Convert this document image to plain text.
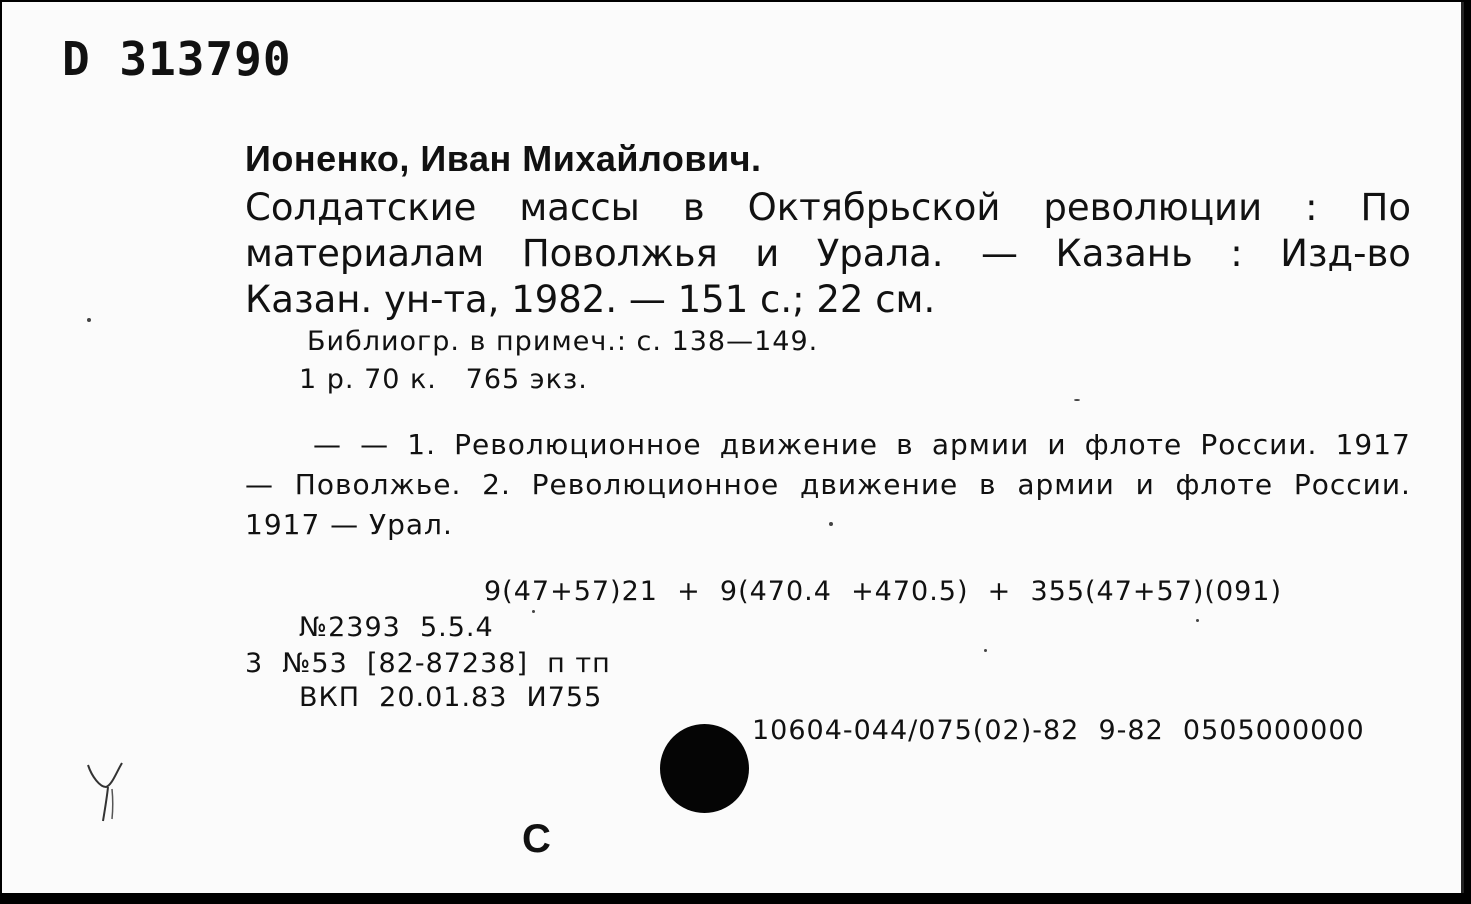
D 313790
Ионенко, Иван Михайлович.
Солдатские массы в Октябрьской революции : По
материалам Поволжья и Урала. — Казань : Изд-во
Казан. ун-та, 1982. — 151 с.; 22 см.
Библиогр. в примеч.: с. 138—149.
1 р. 70 к.   765 экз.
— — 1. Революционное движение в армии и флоте России. 1917
— Поволжье. 2. Революционное движение в армии и флоте России.
1917 — Урал.
9(47+57)21  +  9(470.4  +470.5)  +  355(47+57)(091)
№2393  5.5.4
3  №53  [82-87238]  п тп
ВКП  20.01.83  И755
10604-044/075(02)-82  9-82  0505000000
С
